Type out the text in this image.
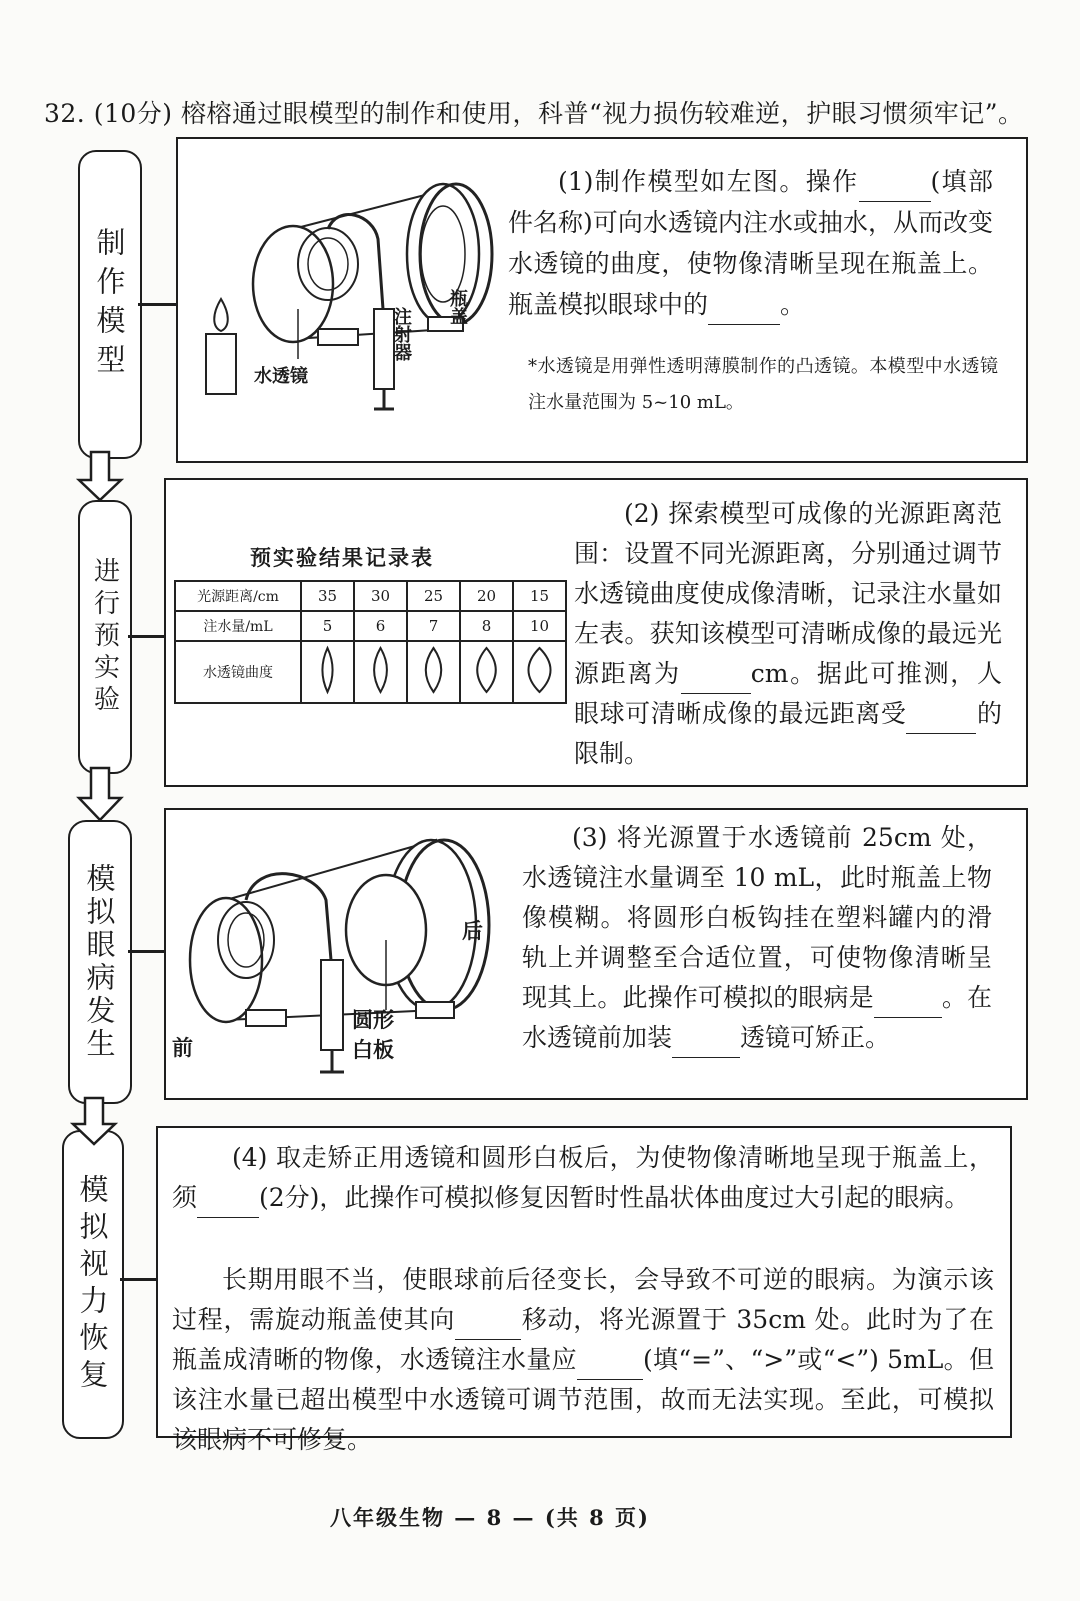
32. (10分) 榕榕通过眼模型的制作和使用，科普“视力损伤较难逆，护眼习惯须牢记”。
制作模型
进行预实验
模拟眼病发生
模拟视力恢复
水透镜
注射器 瓶盖
(1)制作模型如左图。操作	(填部件名称)可向水透镜内注水或抽水，从而改变水透镜的曲度，使物像清晰呈现在瓶盖上。瓶盖模拟眼球中的	。
*水透镜是用弹性透明薄膜制作的凸透镜。本模型中水透镜注水量范围为 5~10 mL。
预实验结果记录表
光源距离/cm	35	30	25	20	15
注水量/mL	5	6	7	8	10
水透镜曲度					
(2) 探索模型可成像的光源距离范围：设置不同光源距离，分别通过调节水透镜曲度使成像清晰，记录注水量如左表。获知该模型可清晰成像的最远光源距离为	cm。据此可推测，人眼球可清晰成像的最远距离受	的限制。
前
后
圆形白板
(3) 将光源置于水透镜前 25cm 处，水透镜注水量调至 10 mL，此时瓶盖上物像模糊。将圆形白板钩挂在塑料罐内的滑轨上并调整至合适位置，可使物像清晰呈现其上。此操作可模拟的眼病是	。在水透镜前加装	透镜可矫正。
(4) 取走矫正用透镜和圆形白板后，为使物像清晰地呈现于瓶盖上，须 (2分)，此操作可模拟修复因暂时性晶状体曲度过大引起的眼病。
长期用眼不当，使眼球前后径变长，会导致不可逆的眼病。为演示该过程，需旋动瓶盖使其向	移动，将光源置于 35cm 处。此时为了在瓶盖成清晰的物像，水透镜注水量应	(填“=”、“>”或“<”) 5mL。但该注水量已超出模型中水透镜可调节范围，故而无法实现。至此，可模拟该眼病不可修复。
八年级生物 — 8 — (共 8 页)
